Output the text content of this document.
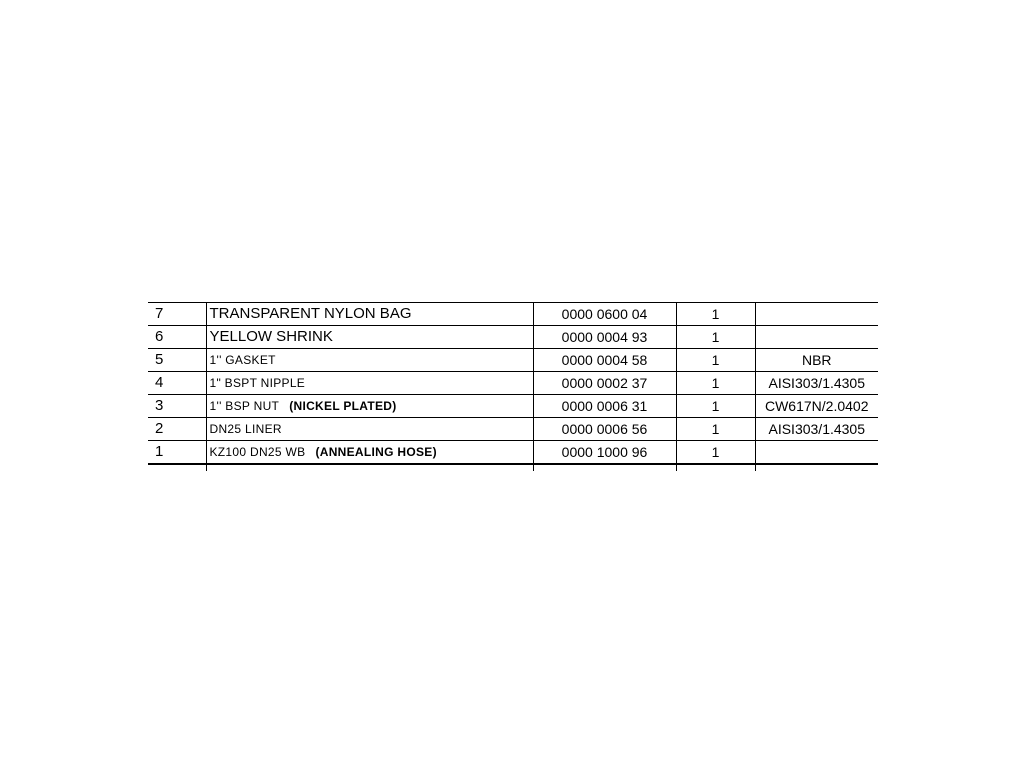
7	TRANSPARENT NYLON BAG	0000 0600 04	1	
6	YELLOW SHRINK	0000 0004 93	1	
5	1'' GASKET	0000 0004 58	1	NBR
4	1" BSPT NIPPLE	0000 0002 37	1	AISI303/1.4305
3	1'' BSP NUT (NICKEL PLATED)	0000 0006 31	1	CW617N/2.0402
2	DN25 LINER	0000 0006 56	1	AISI303/1.4305
1	KZ100 DN25 WB (ANNEALING HOSE)	0000 1000 96	1	
